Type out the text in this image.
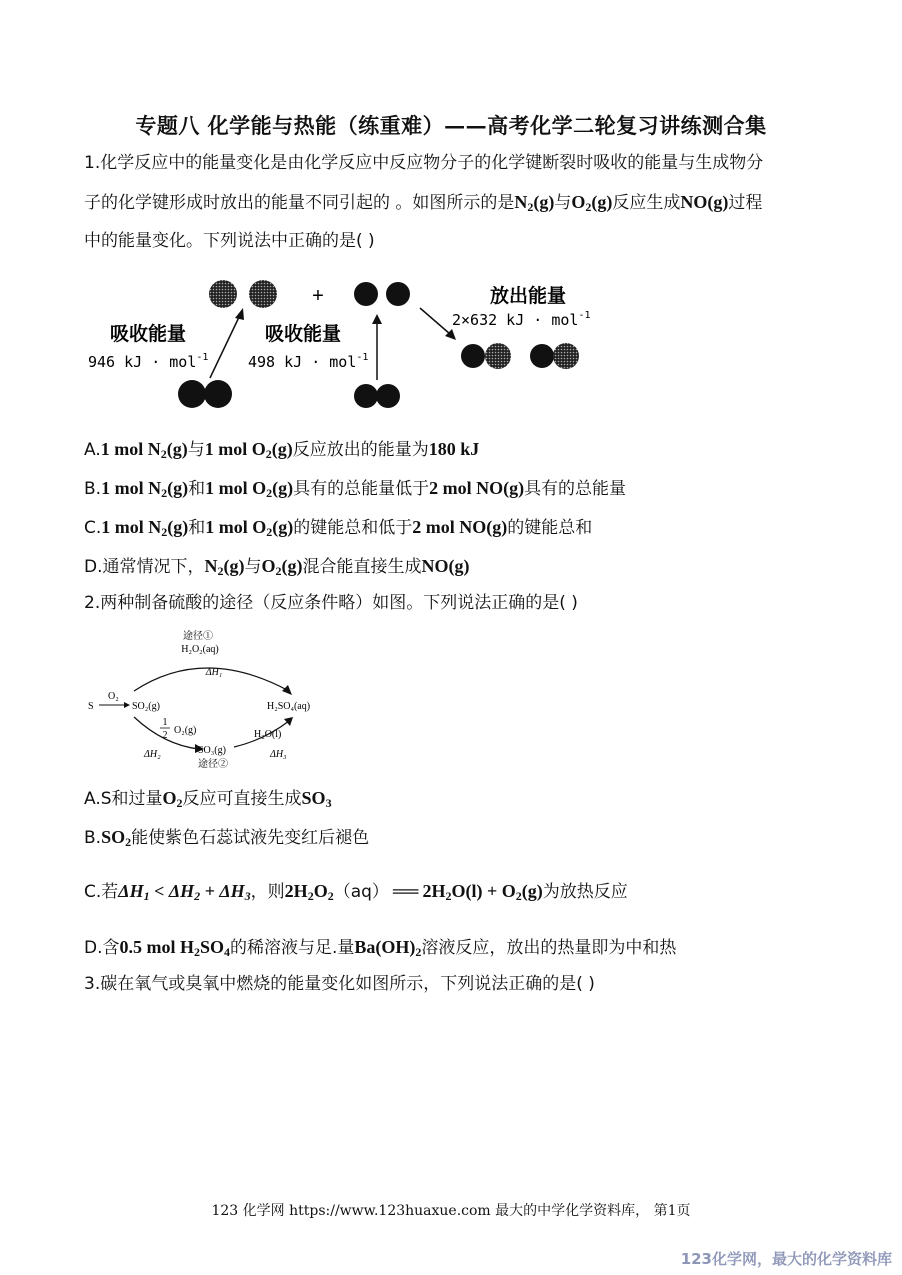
专题八 化学能与热能（练重难）——高考化学二轮复习讲练测合集
1.化学反应中的能量变化是由化学反应中反应物分子的化学键断裂时吸收的能量与生成物分
子的化学键形成时放出的能量不同引起的 。如图所示的是$N_2(g)$与$O_2(g)$反应生成NO(g)过程
中的能量变化。下列说法中正确的是( )
+
吸收能量
946 kJ · mol$^{-1}$
吸收能量
498 kJ · mol$^{-1}$
放出能量
2×632 kJ · mol$^{-1}$
A.1 mol $N_2(g)$与1 mol $O_2(g)$反应放出的能量为180 kJ
B.1 mol $N_2(g)$和1 mol $O_2(g)$具有的总能量低于2 mol NO(g)具有的总能量
C.1 mol $N_2(g)$和1 mol $O_2(g)$的键能总和低于2 mol NO(g)的键能总和
D.通常情况下，$N_2(g)$与$O_2(g)$混合能直接生成NO(g)
2.两种制备硫酸的途径（反应条件略）如图。下列说法正确的是( )
途径①
H₂O₂(aq)
ΔH₁
S
O₂
SO₂(g)	H₂SO₄(aq)
1
2 O₂(g)
ΔH₂	SO₃(g)
途径②
H₂O(l)
ΔH₃
A.S和过量$O_2$反应可直接生成$SO_3$
$B.SO_2$能使紫色石蕊试液先变红后褪色
C.若$\Delta H_1 < \Delta H_2 + \Delta H_3$，则$2H_2O_2(aq)$ ══ $2H_2O(l) + O_2(g)$为放热反应
D.含0.5 mol $H_2SO_4$的稀溶液与足.量$Ba(OH)_2$溶液反应，放出的热量即为中和热
3.碳在氧气或臭氧中燃烧的能量变化如图所示，下列说法正确的是( )
123 化学网 https://www.123huaxue.com 最大的中学化学资料库， 第1页
123化学网，最大的化学资料库
